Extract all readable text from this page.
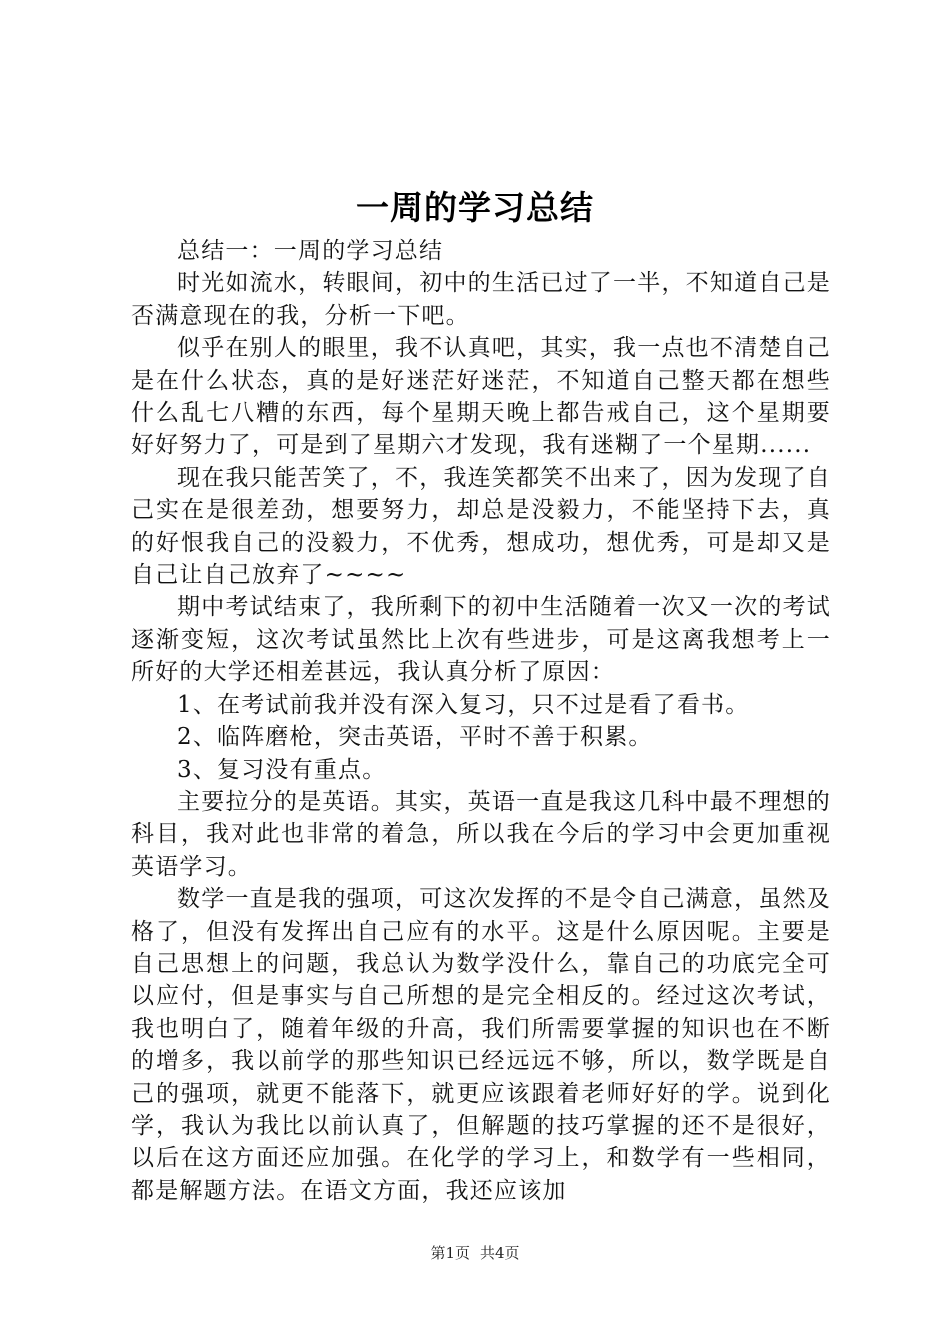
一周的学习总结

总结一：一周的学习总结

时光如流水，转眼间，初中的生活已过了一半，不知道自己是否满意现在的我，分析一下吧。

似乎在别人的眼里，我不认真吧，其实，我一点也不清楚自己是在什么状态，真的是好迷茫好迷茫，不知道自己整天都在想些什么乱七八糟的东西，每个星期天晚上都告戒自己，这个星期要好好努力了，可是到了星期六才发现，我有迷糊了一个星期......

现在我只能苦笑了，不，我连笑都笑不出来了，因为发现了自己实在是很差劲，想要努力，却总是没毅力，不能坚持下去，真的好恨我自己的没毅力，不优秀，想成功，想优秀，可是却又是自己让自己放弃了~~~~

期中考试结束了，我所剩下的初中生活随着一次又一次的考试逐渐变短，这次考试虽然比上次有些进步，可是这离我想考上一所好的大学还相差甚远，我认真分析了原因：

1、在考试前我并没有深入复习，只不过是看了看书。

2、临阵磨枪，突击英语，平时不善于积累。

3、复习没有重点。

主要拉分的是英语。其实，英语一直是我这几科中最不理想的科目，我对此也非常的着急，所以我在今后的学习中会更加重视英语学习。

数学一直是我的强项，可这次发挥的不是令自己满意，虽然及格了，但没有发挥出自己应有的水平。这是什么原因呢。主要是自己思想上的问题，我总认为数学没什么，靠自己的功底完全可以应付，但是事实与自己所想的是完全相反的。经过这次考试，我也明白了，随着年级的升高，我们所需要掌握的知识也在不断的增多，我以前学的那些知识已经远远不够，所以，数学既是自己的强项，就更不能落下，就更应该跟着老师好好的学。说到化学，我认为我比以前认真了，但解题的技巧掌握的还不是很好，以后在这方面还应加强。在化学的学习上，和数学有一些相同，都是解题方法。在语文方面，我还应该加

第1页 共4页
